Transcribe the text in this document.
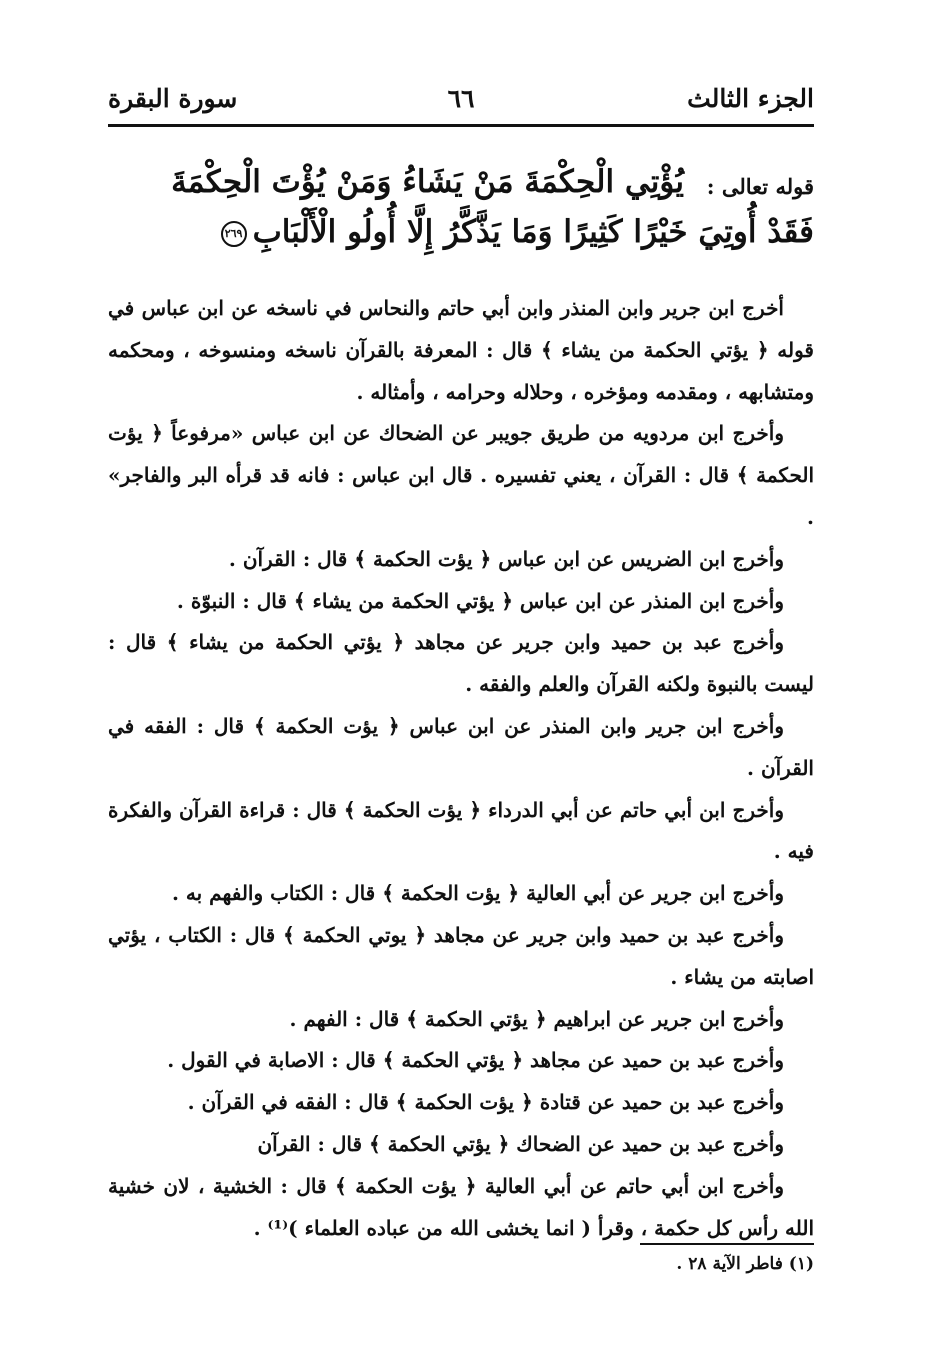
الجزء الثالث
٦٦
سورة البقرة
قوله تعالى :
يُؤْتِي الْحِكْمَةَ مَنْ يَشَاءُ وَمَنْ يُؤْتَ الْحِكْمَةَ
فَقَدْ أُوتِيَ خَيْرًا كَثِيرًا وَمَا يَذَّكَّرُ إِلَّا أُولُو الْأَلْبَابِ٢٦٩

أخرج ابن جرير وابن المنذر وابن أبي حاتم والنحاس في ناسخه عن ابن عباس في قوله ﴿ يؤتي الحكمة من يشاء ﴾ قال : المعرفة بالقرآن ناسخه ومنسوخه ، ومحكمه ومتشابهه ، ومقدمه ومؤخره ، وحلاله وحرامه ، وأمثاله .

وأخرج ابن مردويه من طريق جويبر عن الضحاك عن ابن عباس «مرفوعاً ﴿ يؤت الحكمة ﴾ قال : القرآن ، يعني تفسيره . قال ابن عباس : فانه قد قرأه البر والفاجر» .

وأخرج ابن الضريس عن ابن عباس ﴿ يؤت الحكمة ﴾ قال : القرآن .

وأخرج ابن المنذر عن ابن عباس ﴿ يؤتي الحكمة من يشاء ﴾ قال : النبوّة .

وأخرج عبد بن حميد وابن جرير عن مجاهد ﴿ يؤتي الحكمة من يشاء ﴾ قال : ليست بالنبوة ولكنه القرآن والعلم والفقه .

وأخرج ابن جرير وابن المنذر عن ابن عباس ﴿ يؤت الحكمة ﴾ قال : الفقه في القرآن .

وأخرج ابن أبي حاتم عن أبي الدرداء ﴿ يؤت الحكمة ﴾ قال : قراءة القرآن والفكرة فيه .

وأخرج ابن جرير عن أبي العالية ﴿ يؤت الحكمة ﴾ قال : الكتاب والفهم به .

وأخرج عبد بن حميد وابن جرير عن مجاهد ﴿ يوتي الحكمة ﴾ قال : الكتاب ، يؤتي اصابته من يشاء .

وأخرج ابن جرير عن ابراهيم ﴿ يؤتي الحكمة ﴾ قال : الفهم .

وأخرج عبد بن حميد عن مجاهد ﴿ يؤتي الحكمة ﴾ قال : الاصابة في القول .

وأخرج عبد بن حميد عن قتادة ﴿ يؤت الحكمة ﴾ قال : الفقه في القرآن .

وأخرج عبد بن حميد عن الضحاك ﴿ يؤتي الحكمة ﴾ قال : القرآن

وأخرج ابن أبي حاتم عن أبي العالية ﴿ يؤت الحكمة ﴾ قال : الخشية ، لان خشية الله رأس كل حكمة ، وقرأ ( انما يخشى الله من عباده العلماء )⁽¹⁾ .

(١) فاطر الآية ٢٨ .
